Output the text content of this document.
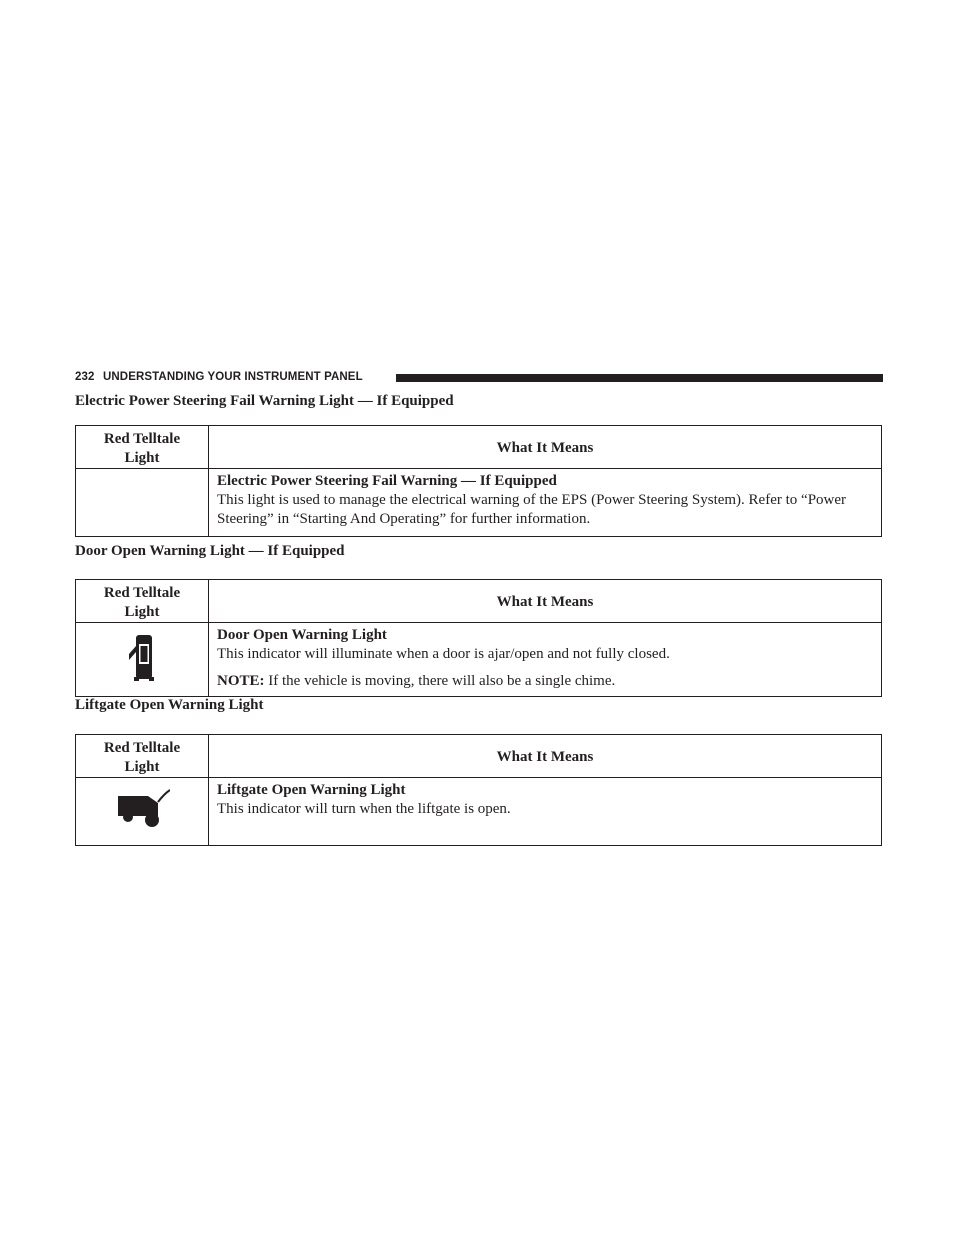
232 UNDERSTANDING YOUR INSTRUMENT PANEL
Electric Power Steering Fail Warning Light — If Equipped
Red Telltale
Light	What It Means

	Electric Power Steering Fail Warning — If Equipped
This light is used to manage the electrical warning of the EPS (Power Steering System). Refer to “Power Steering” in “Starting And Operating” for further information.
Door Open Warning Light — If Equipped
Red Telltale
Light	What It Means

Door Open Warning Light
This indicator will illuminate when a door is ajar/open and not fully closed.
NOTE: If the vehicle is moving, there will also be a single chime.
Liftgate Open Warning Light
Red Telltale
Light	What It Means

Liftgate Open Warning Light
This indicator will turn when the liftgate is open.
